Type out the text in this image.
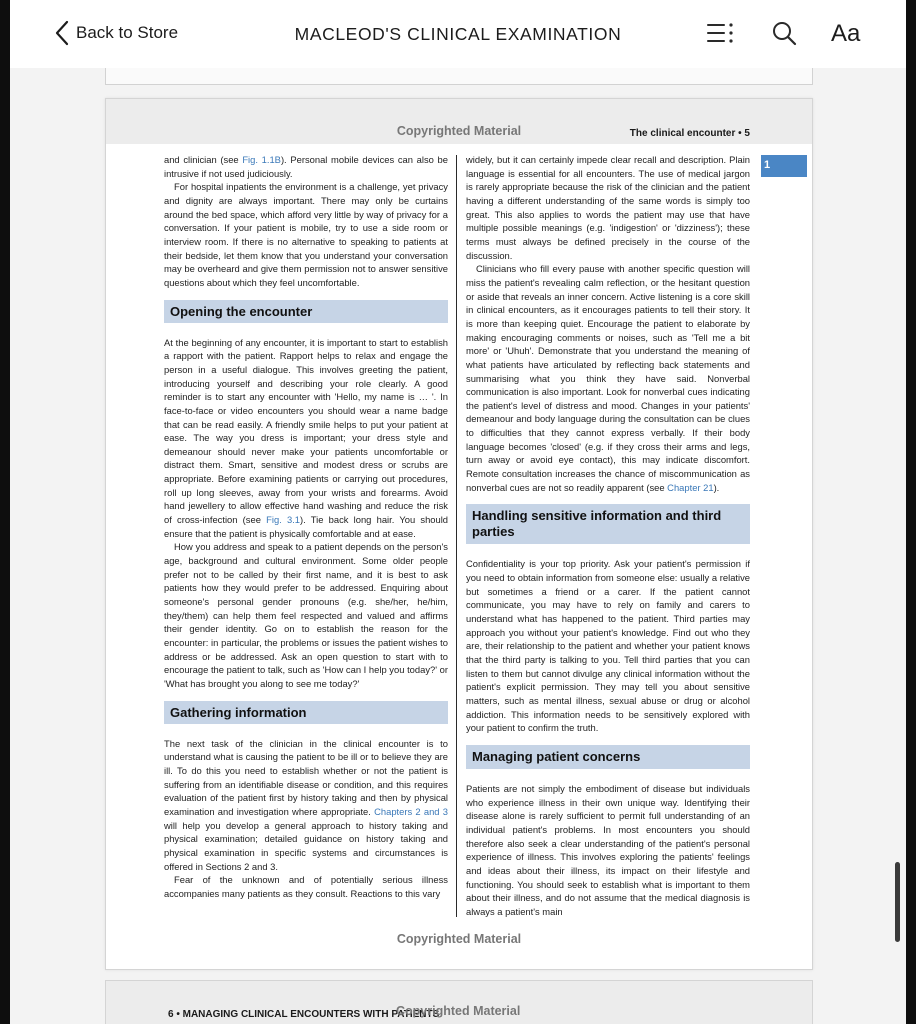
Back to Store	MACLEOD'S CLINICAL EXAMINATION	Aa
Copyrighted Material	The clinical encounter • 5
1

and clinician (see Fig. 1.1B). Personal mobile devices can also be intrusive if not used judiciously.

For hospital inpatients the environment is a challenge, yet privacy and dignity are always important. There may only be curtains around the bed space, which afford very little by way of privacy for a conversation. If your patient is mobile, try to use a side room or interview room. If there is no alternative to speaking to patients at their bedside, let them know that you understand your conversation may be overheard and give them permission not to answer sensitive questions about which they feel uncomfortable.

Opening the encounter

At the beginning of any encounter, it is important to start to establish a rapport with the patient. Rapport helps to relax and engage the person in a useful dialogue. This involves greeting the patient, introducing yourself and describing your role clearly. A good reminder is to start any encounter with 'Hello, my name is … '. In face-to-face or video encounters you should wear a name badge that can be read easily. A friendly smile helps to put your patient at ease. The way you dress is important; your dress style and demeanour should never make your patients uncomfortable or distract them. Smart, sensitive and modest dress or scrubs are appropriate. Before examining patients or carrying out procedures, roll up long sleeves, away from your wrists and forearms. Avoid hand jewellery to allow effective hand washing and reduce the risk of cross-infection (see Fig. 3.1). Tie back long hair. You should ensure that the patient is physically comfortable and at ease.

How you address and speak to a patient depends on the person's age, background and cultural environment. Some older people prefer not to be called by their first name, and it is best to ask patients how they would prefer to be addressed. Enquiring about someone's personal gender pronouns (e.g. she/her, he/him, they/them) can help them feel respected and valued and affirms their gender identity. Go on to establish the reason for the encounter: in particular, the problems or issues the patient wishes to address or be addressed. Ask an open question to start with to encourage the patient to talk, such as 'How can I help you today?' or 'What has brought you along to see me today?'

Gathering information

The next task of the clinician in the clinical encounter is to understand what is causing the patient to be ill or to believe they are ill. To do this you need to establish whether or not the patient is suffering from an identifiable disease or condition, and this requires evaluation of the patient first by history taking and then by physical examination and investigation where appropriate. Chapters 2 and 3 will help you develop a general approach to history taking and physical examination; detailed guidance on history taking and physical examination in specific systems and circumstances is offered in Sections 2 and 3.

Fear of the unknown and of potentially serious illness accompanies many patients as they consult. Reactions to this vary

widely, but it can certainly impede clear recall and description. Plain language is essential for all encounters. The use of medical jargon is rarely appropriate because the risk of the clinician and the patient having a different understanding of the same words is simply too great. This also applies to words the patient may use that have multiple possible meanings (e.g. 'indigestion' or 'dizziness'); these terms must always be defined precisely in the course of the discussion.

Clinicians who fill every pause with another specific question will miss the patient's revealing calm reflection, or the hesitant question or aside that reveals an inner concern. Active listening is a core skill in clinical encounters, as it encourages patients to tell their story. It is more than keeping quiet. Encourage the patient to elaborate by making encouraging comments or noises, such as 'Tell me a bit more' or 'Uhuh'. Demonstrate that you understand the meaning of what patients have articulated by reflecting back statements and summarising what you think they have said. Nonverbal communication is also important. Look for nonverbal cues indicating the patient's level of distress and mood. Changes in your patients' demeanour and body language during the consultation can be clues to difficulties that they cannot express verbally. If their body language becomes 'closed' (e.g. if they cross their arms and legs, turn away or avoid eye contact), this may indicate discomfort. Remote consultation increases the chance of miscommunication as nonverbal cues are not so readily apparent (see Chapter 21).

Handling sensitive information and third parties

Confidentiality is your top priority. Ask your patient's permission if you need to obtain information from someone else: usually a relative but sometimes a friend or a carer. If the patient cannot communicate, you may have to rely on family and carers to understand what has happened to the patient. Third parties may approach you without your patient's knowledge. Find out who they are, their relationship to the patient and whether your patient knows that the third party is talking to you. Tell third parties that you can listen to them but cannot divulge any clinical information without the patient's explicit permission. They may tell you about sensitive matters, such as mental illness, sexual abuse or drug or alcohol addiction. This information needs to be sensitively explored with your patient to confirm the truth.

Managing patient concerns

Patients are not simply the embodiment of disease but individuals who experience illness in their own unique way. Identifying their disease alone is rarely sufficient to permit full understanding of an individual patient's problems. In most encounters you should therefore also seek a clear understanding of the patient's personal experience of illness. This involves exploring the patients' feelings and ideas about their illness, its impact on their lifestyle and functioning. You should seek to establish what is important to them about their illness, and do not assume that the medical diagnosis is always a patient's main

Copyrighted Material
6 • MANAGING CLINICAL ENCOUNTERS WITH PATIENTS
Copyrighted Material
